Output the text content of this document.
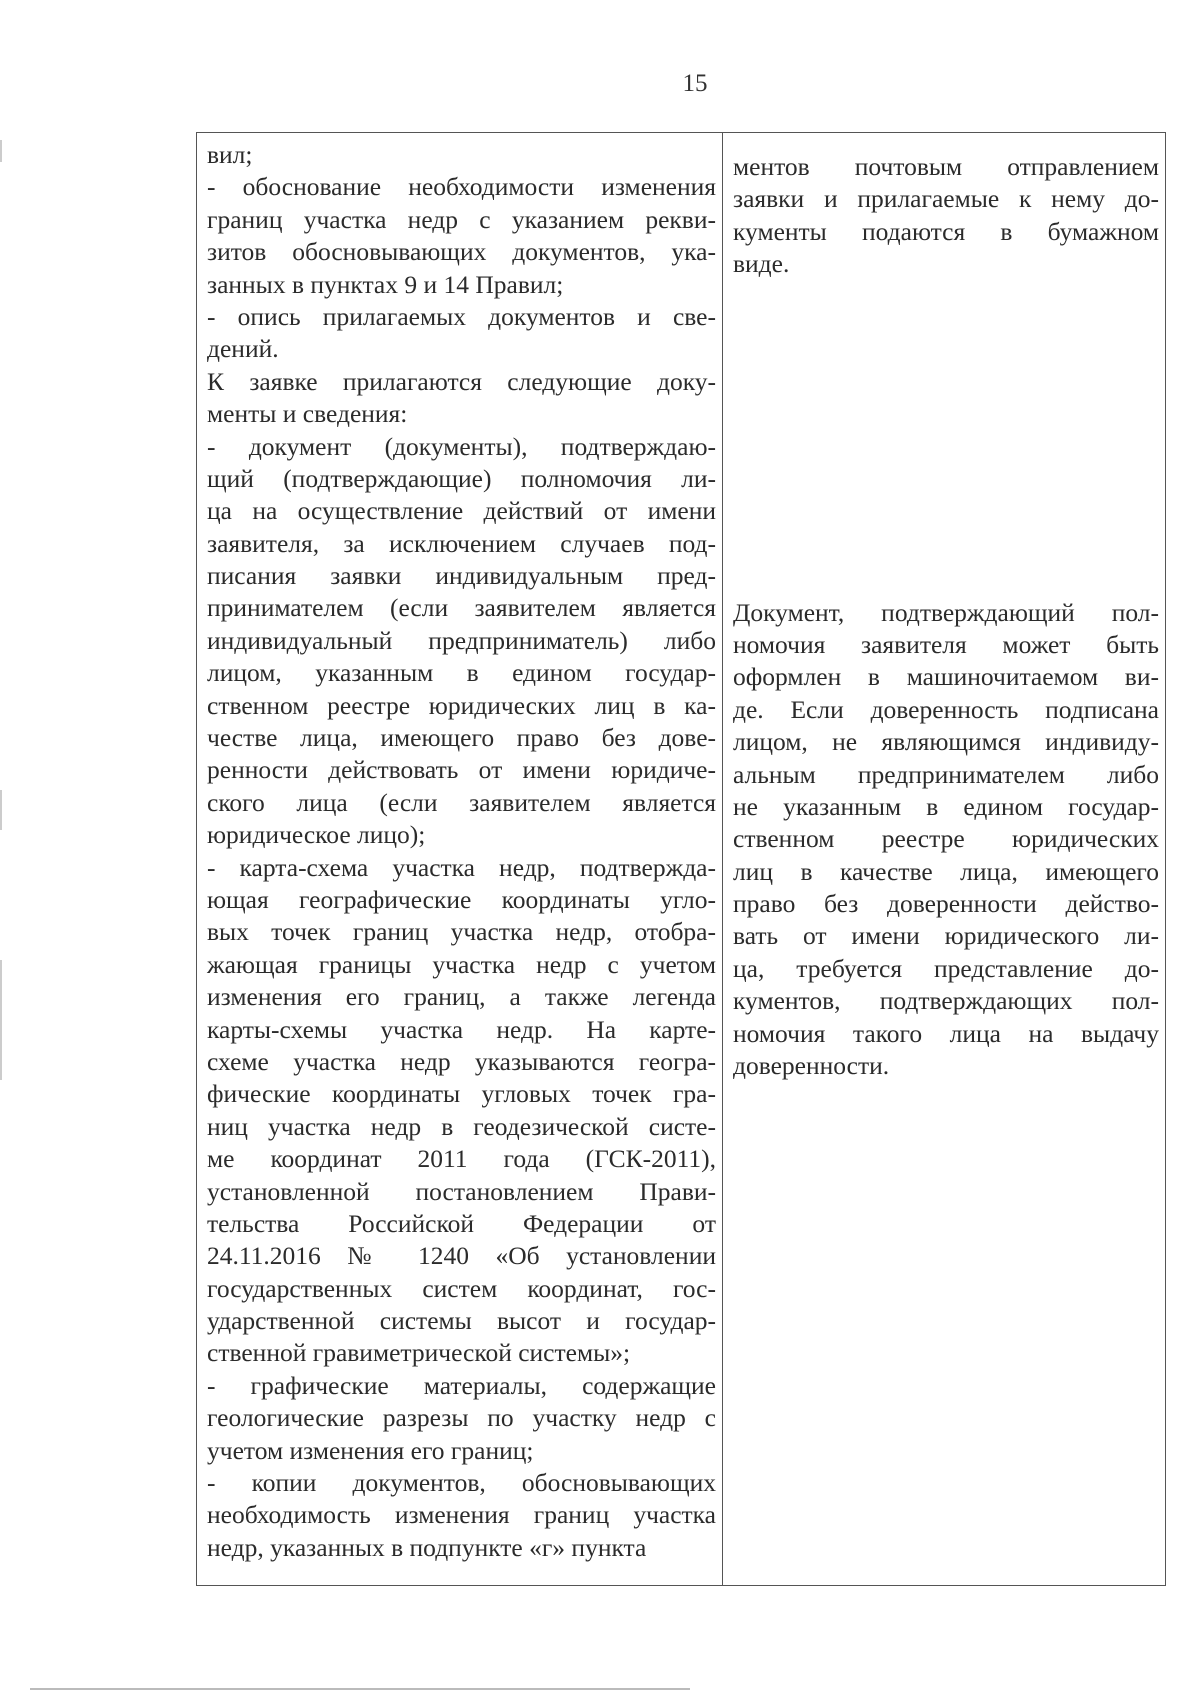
15
вил;
- обоснование необходимости изменения
границ участка недр с указанием рекви-
зитов обосновывающих документов, ука-
занных в пунктах 9 и 14 Правил;
- опись прилагаемых документов и све-
дений.
К заявке прилагаются следующие доку-
менты и сведения:
- документ (документы), подтверждаю-
щий (подтверждающие) полномочия ли-
ца на осуществление действий от имени
заявителя, за исключением случаев под-
писания заявки индивидуальным пред-
принимателем (если заявителем является
индивидуальный предприниматель) либо
лицом, указанным в едином государ-
ственном реестре юридических лиц в ка-
честве лица, имеющего право без дове-
ренности действовать от имени юридиче-
ского лица (если заявителем является
юридическое лицо);
- карта-схема участка недр, подтвержда-
ющая географические координаты угло-
вых точек границ участка недр, отобра-
жающая границы участка недр с учетом
изменения его границ, а также легенда
карты-схемы участка недр. На карте-
схеме участка недр указываются геогра-
фические координаты угловых точек гра-
ниц участка недр в геодезической систе-
ме координат 2011 года (ГСК-2011),
установленной постановлением Прави-
тельства Российской Федерации от
24.11.2016 № 1240 «Об установлении
государственных систем координат, гос-
ударственной системы высот и государ-
ственной гравиметрической системы»;
- графические материалы, содержащие
геологические разрезы по участку недр с
учетом изменения его границ;
- копии документов, обосновывающих
необходимость изменения границ участка
недр, указанных в подпункте «г» пункта
ментов почтовым отправлением
заявки и прилагаемые к нему до-
кументы подаются в бумажном
виде.
Документ, подтверждающий пол-
номочия заявителя может быть
оформлен в машиночитаемом ви-
де. Если доверенность подписана
лицом, не являющимся индивиду-
альным предпринимателем либо
не указанным в едином государ-
ственном реестре юридических
лиц в качестве лица, имеющего
право без доверенности действо-
вать от имени юридического ли-
ца, требуется представление до-
кументов, подтверждающих пол-
номочия такого лица на выдачу
доверенности.
